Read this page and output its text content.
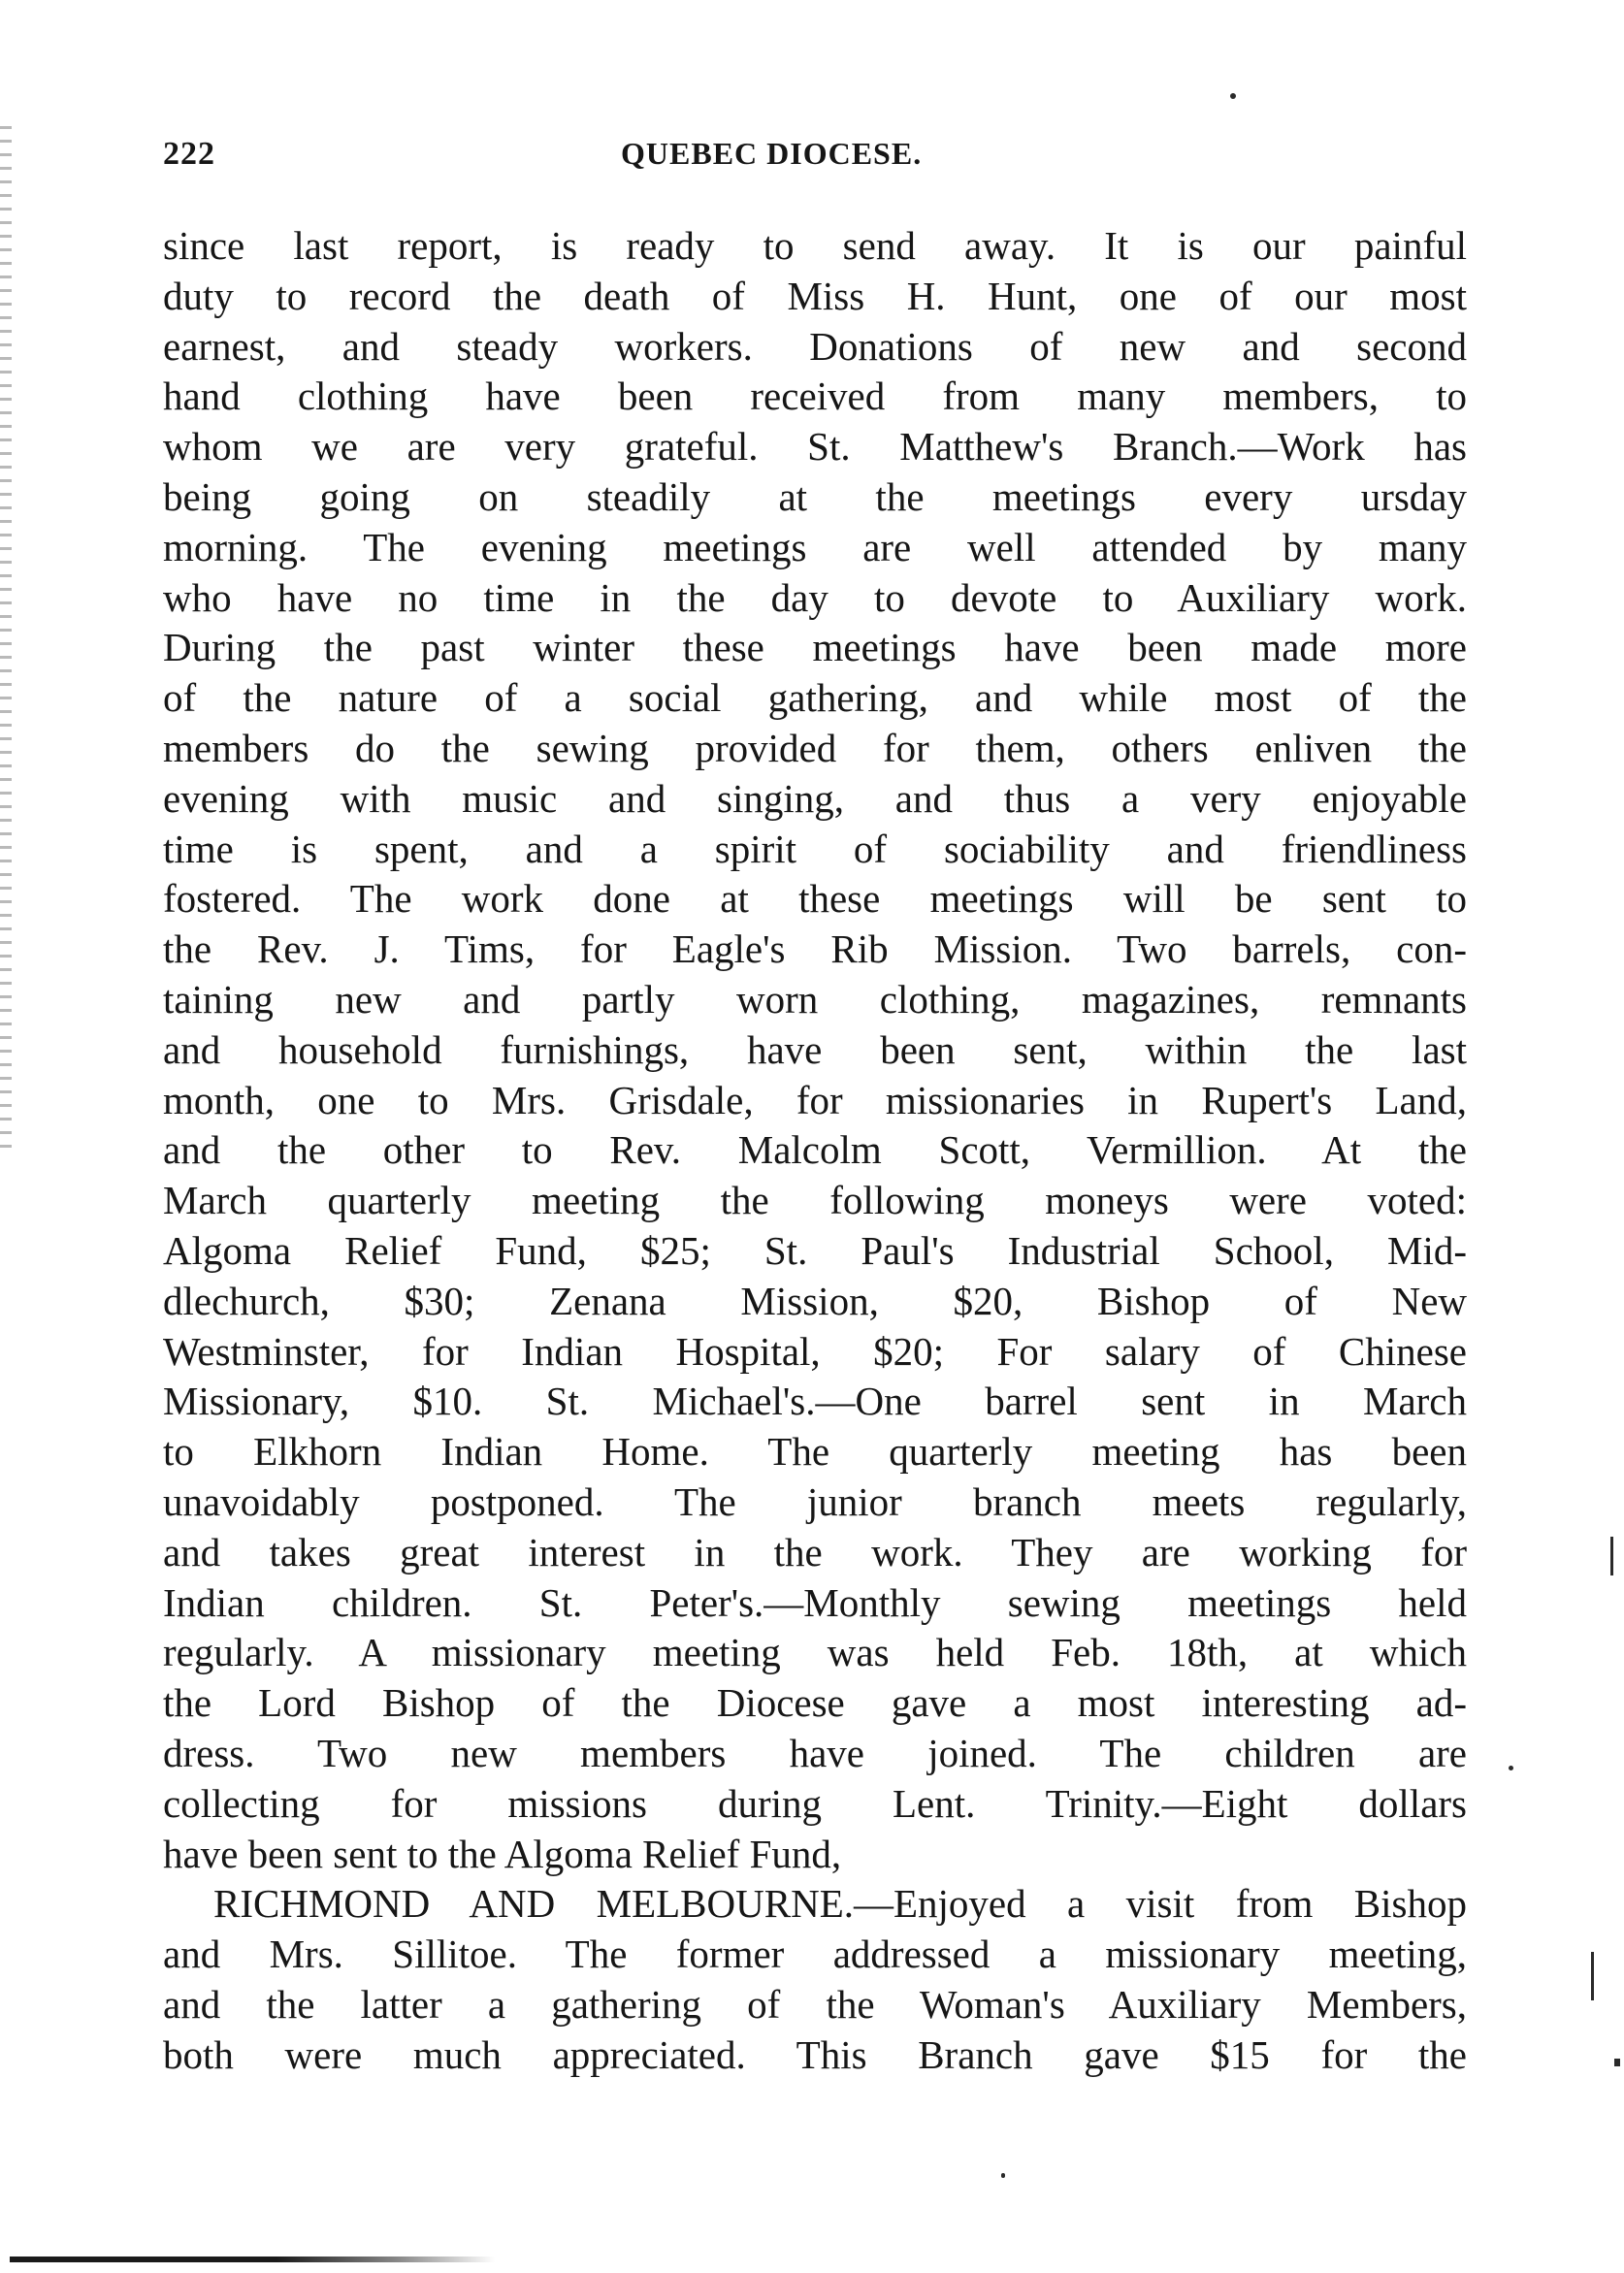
222	QUEBEC DIOCESE.
since last report, is ready to send away. It is our painful
duty to record the death of Miss H. Hunt, one of our most
earnest, and steady workers. Donations of new and second
hand clothing have been received from many members, to
whom we are very grateful. St. Matthew's Branch.—Work has
being going on steadily at the meetings every ursday
morning. The evening meetings are well attended by many
who have no time in the day to devote to Auxiliary work.
During the past winter these meetings have been made more
of the nature of a social gathering, and while most of the
members do the sewing provided for them, others enliven the
evening with music and singing, and thus a very enjoyable
time is spent, and a spirit of sociability and friendliness
fostered. The work done at these meetings will be sent to
the Rev. J. Tims, for Eagle's Rib Mission. Two barrels, con-
taining new and partly worn clothing, magazines, remnants
and household furnishings, have been sent, within the last
month, one to Mrs. Grisdale, for missionaries in Rupert's Land,
and the other to Rev. Malcolm Scott, Vermillion. At the
March quarterly meeting the following moneys were voted:
Algoma Relief Fund, $25; St. Paul's Industrial School, Mid-
dlechurch, $30; Zenana Mission, $20, Bishop of New
Westminster, for Indian Hospital, $20; For salary of Chinese
Missionary, $10. St. Michael's.—One barrel sent in March
to Elkhorn Indian Home. The quarterly meeting has been
unavoidably postponed. The junior branch meets regularly,
and takes great interest in the work. They are working for
Indian children. St. Peter's.—Monthly sewing meetings held
regularly. A missionary meeting was held Feb. 18th, at which
the Lord Bishop of the Diocese gave a most interesting ad-
dress. Two new members have joined. The children are
collecting for missions during Lent. Trinity.—Eight dollars
have been sent to the Algoma Relief Fund,
RICHMOND AND MELBOURNE.—Enjoyed a visit from Bishop
and Mrs. Sillitoe. The former addressed a missionary meeting,
and the latter a gathering of the Woman's Auxiliary Members,
both were much appreciated. This Branch gave $15 for the
